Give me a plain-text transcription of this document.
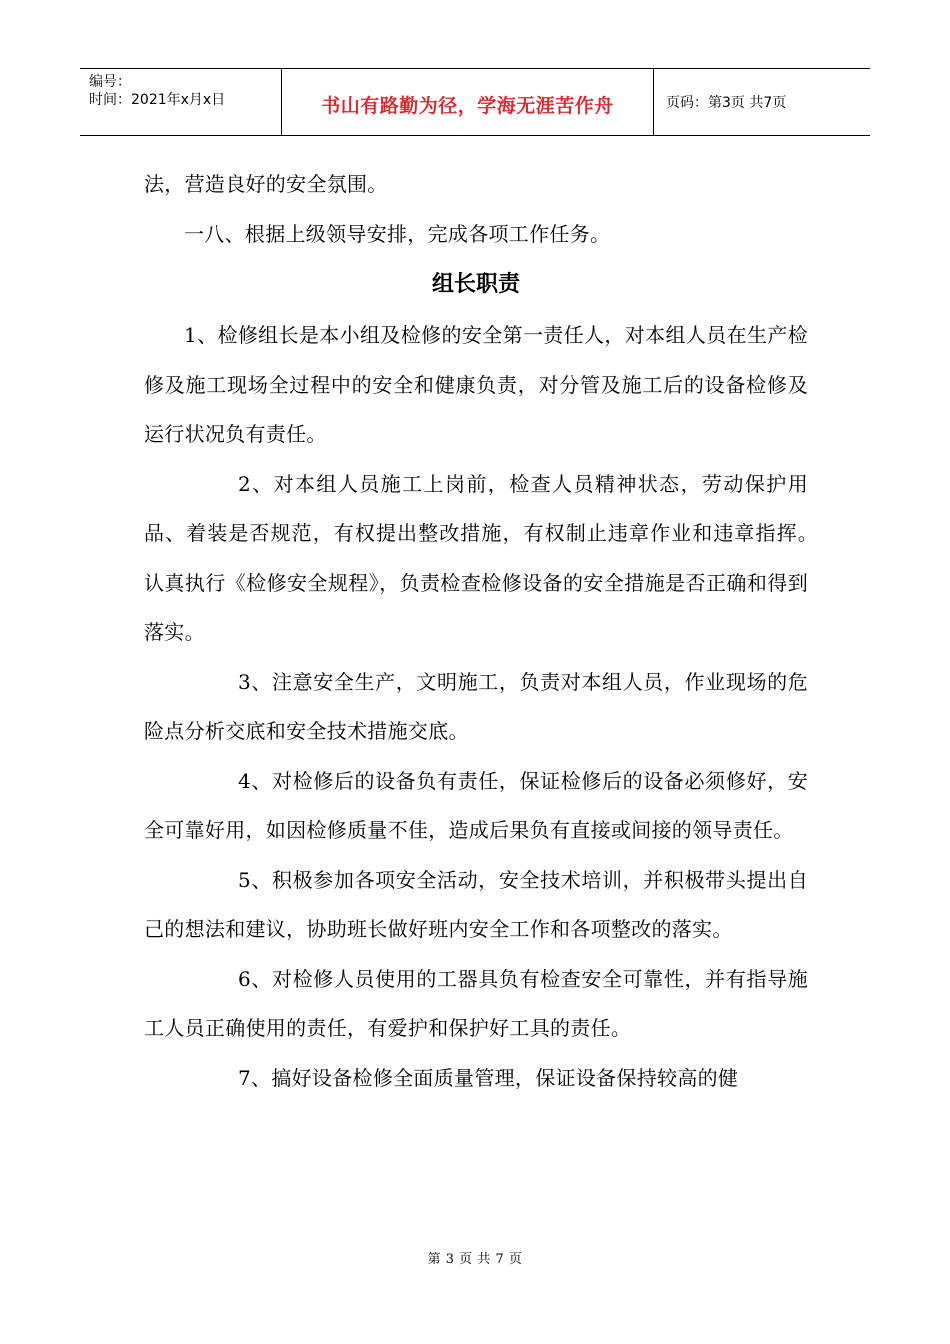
编号：
时间：2021年x月x日	书山有路勤为径，学海无涯苦作舟	页码：第3页 共7页

法，营造良好的安全氛围。

一八、根据上级领导安排，完成各项工作任务。

组长职责

1、检修组长是本小组及检修的安全第一责任人，对本组人员在生产检修及施工现场全过程中的安全和健康负责，对分管及施工后的设备检修及运行状况负有责任。

2、对本组人员施工上岗前，检查人员精神状态，劳动保护用品、着装是否规范，有权提出整改措施，有权制止违章作业和违章指挥。　认真执行《检修安全规程》，负责检查检修设备的安全措施是否正确和得到落实。

3、注意安全生产，文明施工，负责对本组人员，作业现场的危险点分析交底和安全技术措施交底。

4、对检修后的设备负有责任，保证检修后的设备必须修好，安全可靠好用，如因检修质量不佳，造成后果负有直接或间接的领导责任。

5、积极参加各项安全活动，安全技术培训，并积极带头提出自己的想法和建议，协助班长做好班内安全工作和各项整改的落实。

6、对检修人员使用的工器具负有检查安全可靠性，并有指导施工人员正确使用的责任，有爱护和保护好工具的责任。

7、搞好设备检修全面质量管理，保证设备保持较高的健

第 3 页 共 7 页
